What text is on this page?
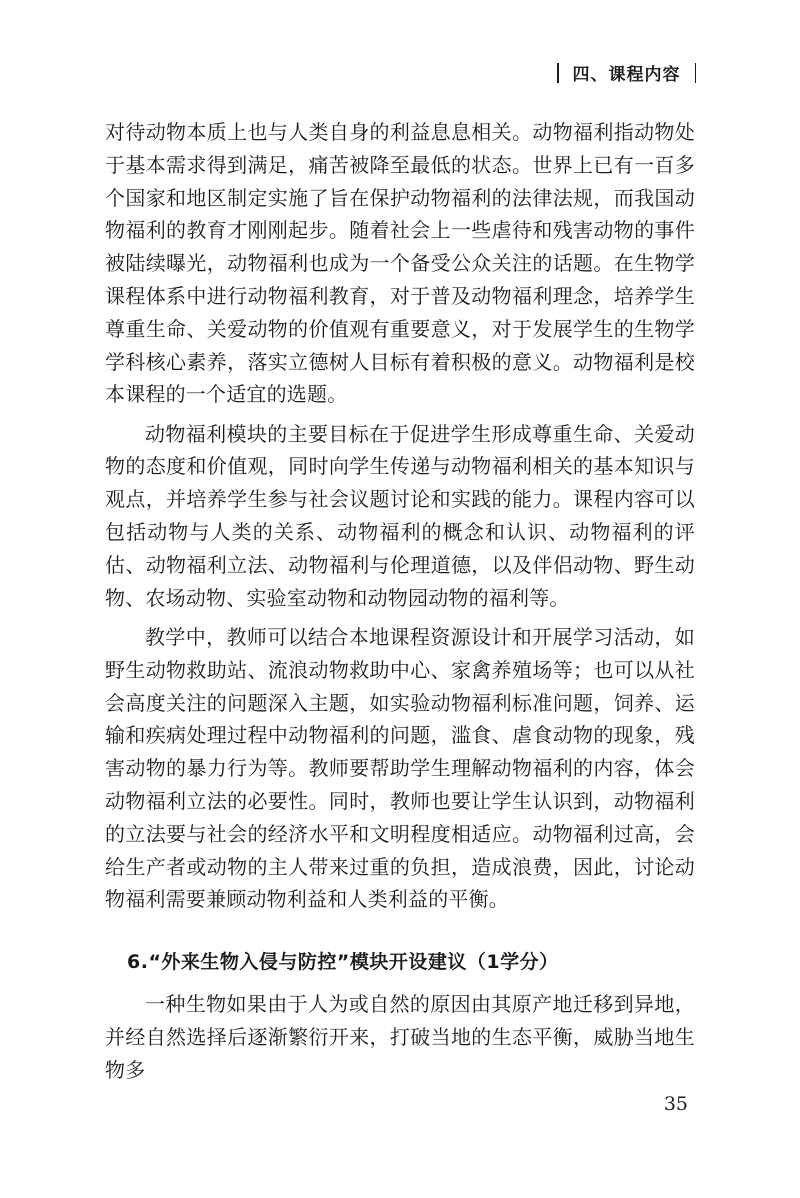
四、课程内容

对待动物本质上也与人类自身的利益息息相关。动物福利指动物处于基本需求得到满足，痛苦被降至最低的状态。世界上已有一百多个国家和地区制定实施了旨在保护动物福利的法律法规，而我国动物福利的教育才刚刚起步。随着社会上一些虐待和残害动物的事件被陆续曝光，动物福利也成为一个备受公众关注的话题。在生物学课程体系中进行动物福利教育，对于普及动物福利理念，培养学生尊重生命、关爱动物的价值观有重要意义，对于发展学生的生物学学科核心素养，落实立德树人目标有着积极的意义。动物福利是校本课程的一个适宜的选题。

动物福利模块的主要目标在于促进学生形成尊重生命、关爱动物的态度和价值观，同时向学生传递与动物福利相关的基本知识与观点，并培养学生参与社会议题讨论和实践的能力。课程内容可以包括动物与人类的关系、动物福利的概念和认识、动物福利的评估、动物福利立法、动物福利与伦理道德，以及伴侣动物、野生动物、农场动物、实验室动物和动物园动物的福利等。

教学中，教师可以结合本地课程资源设计和开展学习活动，如野生动物救助站、流浪动物救助中心、家禽养殖场等；也可以从社会高度关注的问题深入主题，如实验动物福利标准问题，饲养、运输和疾病处理过程中动物福利的问题，滥食、虐食动物的现象，残害动物的暴力行为等。教师要帮助学生理解动物福利的内容，体会动物福利立法的必要性。同时，教师也要让学生认识到，动物福利的立法要与社会的经济水平和文明程度相适应。动物福利过高，会给生产者或动物的主人带来过重的负担，造成浪费，因此，讨论动物福利需要兼顾动物利益和人类利益的平衡。

6.“外来生物入侵与防控”模块开设建议（1学分）

一种生物如果由于人为或自然的原因由其原产地迁移到异地，并经自然选择后逐渐繁衍开来，打破当地的生态平衡，威胁当地生物多

35
